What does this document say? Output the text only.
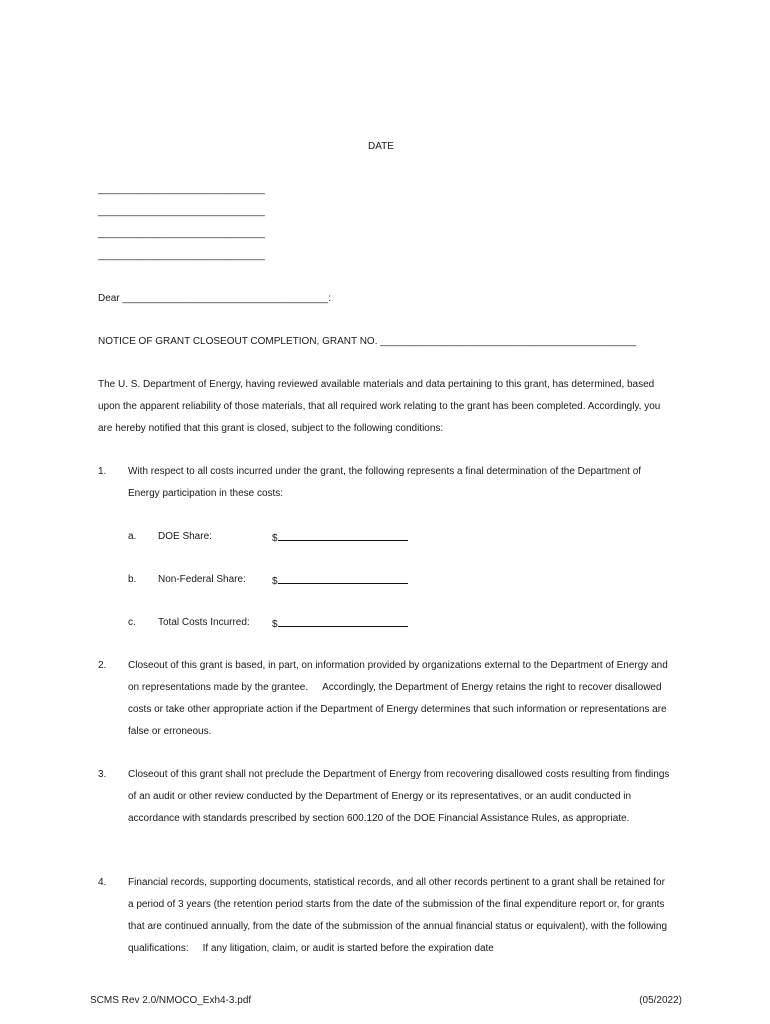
DATE
______________________________
______________________________
______________________________
______________________________
Dear _____________________________________:
NOTICE OF GRANT CLOSEOUT COMPLETION, GRANT NO. ______________________________________________
The U. S. Department of Energy, having reviewed available materials and data pertaining to this grant, has determined, based upon the apparent reliability of those materials, that all required work relating to the grant has been completed. Accordingly, you are hereby notified that this grant is closed, subject to the following conditions:
1. With respect to all costs incurred under the grant, the following represents a final determination of the Department of Energy participation in these costs:
a. DOE Share:	$
b. Non-Federal Share:	$
c. Total Costs Incurred: $
2. Closeout of this grant is based, in part, on information provided by organizations external to the Department of Energy and on representations made by the grantee. Accordingly, the Department of Energy retains the right to recover disallowed costs or take other appropriate action if the Department of Energy determines that such information or representations are false or erroneous.
3. Closeout of this grant shall not preclude the Department of Energy from recovering disallowed costs resulting from findings of an audit or other review conducted by the Department of Energy or its representatives, or an audit conducted in accordance with standards prescribed by section 600.120 of the DOE Financial Assistance Rules, as appropriate.
4. Financial records, supporting documents, statistical records, and all other records pertinent to a grant shall be retained for a period of 3 years (the retention period starts from the date of the submission of the final expenditure report or, for grants that are continued annually, from the date of the submission of the annual financial status or equivalent), with the following qualifications: If any litigation, claim, or audit is started before the expiration date
SCMS Rev 2.0/NMOCO_Exh4-3.pdf	(05/2022)
